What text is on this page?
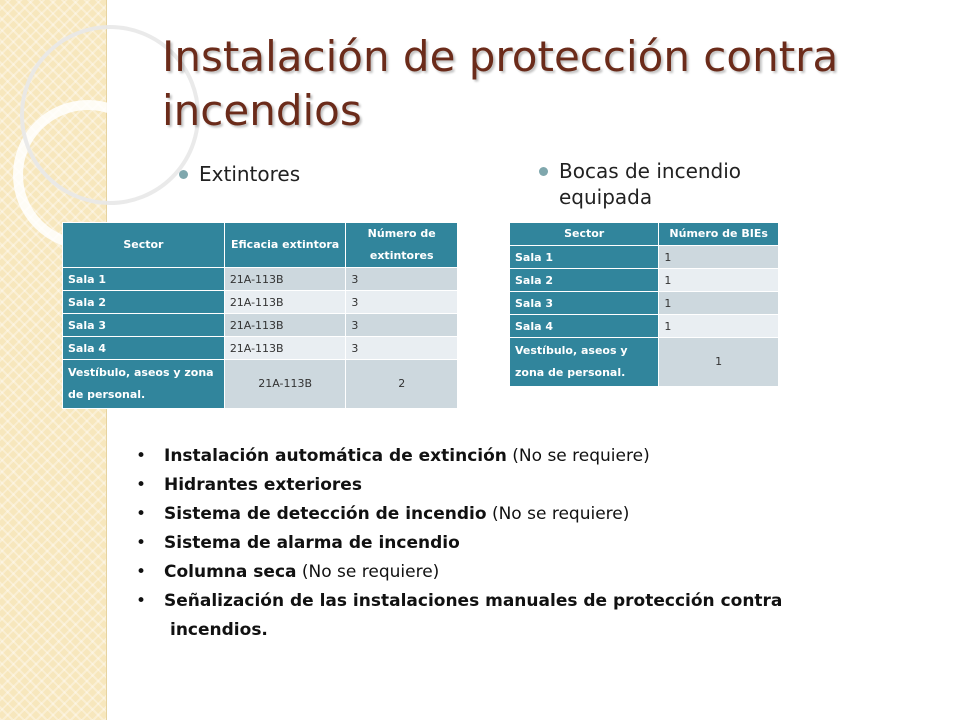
Instalación de protección contra incendios
Extintores	Bocas de incendio equipada
Sector	Eficacia extintora	Número de extintores
Sala 1	21A-113B	3
Sala 2	21A-113B	3
Sala 3	21A-113B	3
Sala 4	21A-113B	3
Vestíbulo, aseos y zona de personal.	21A-113B	2
Sector	Número de BIEs
Sala 1	1
Sala 2	1
Sala 3	1
Sala 4	1
Vestíbulo, aseos y zona de personal.	1
• Instalación automática de extinción (No se requiere)
• Hidrantes exteriores
• Sistema de detección de incendio (No se requiere)
• Sistema de alarma de incendio
• Columna seca (No se requiere)
• Señalización de las instalaciones manuales de protección contra
incendios.
